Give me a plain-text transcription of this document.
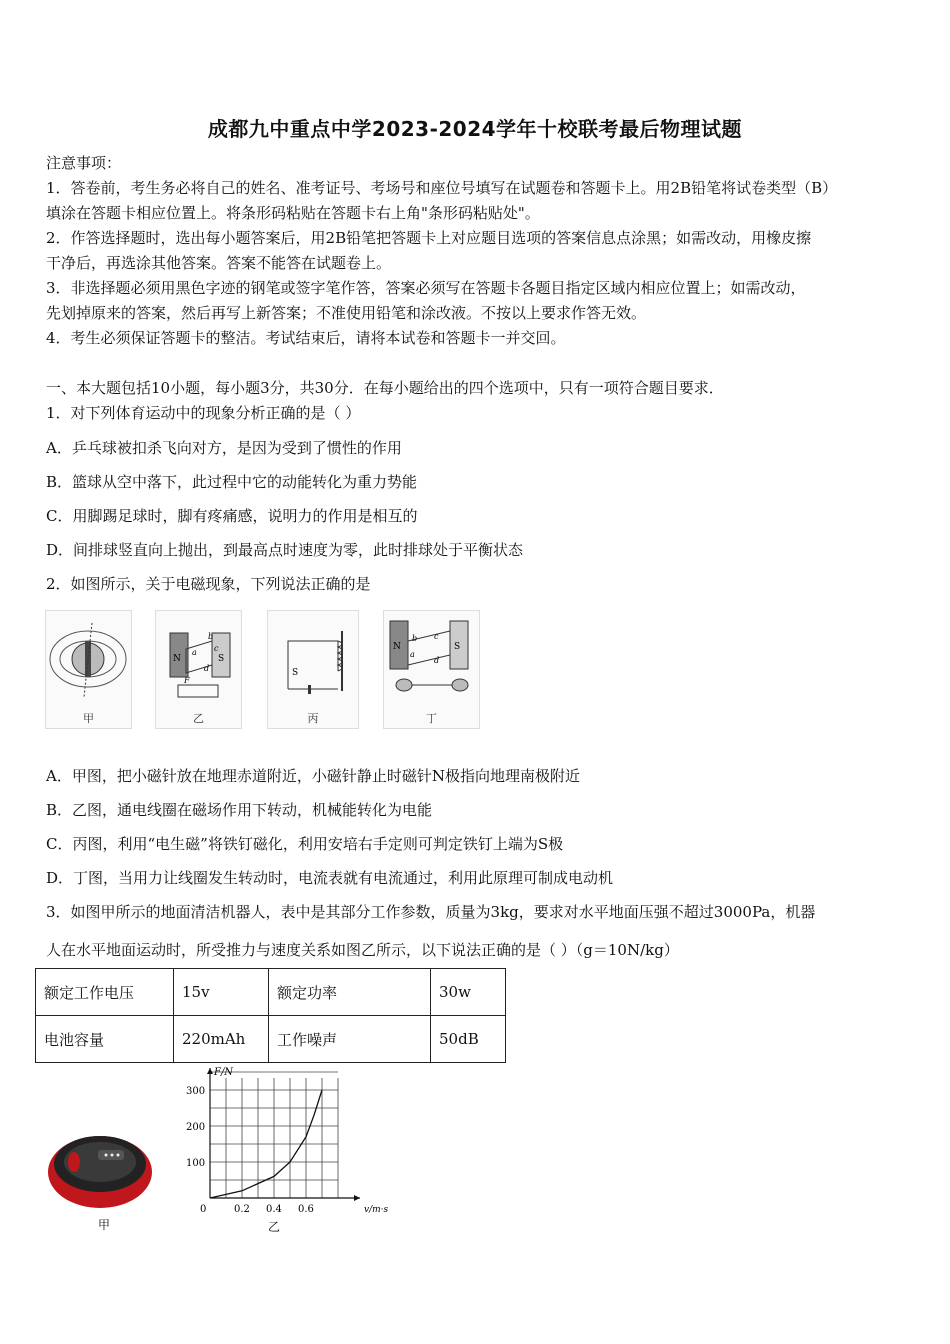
成都九中重点中学2023-2024学年十校联考最后物理试题
注意事项：
1．答卷前，考生务必将自己的姓名、准考证号、考场号和座位号填写在试题卷和答题卡上。用2B铅笔将试卷类型（B）
填涂在答题卡相应位置上。将条形码粘贴在答题卡右上角"条形码粘贴处"。
2．作答选择题时，选出每小题答案后，用2B铅笔把答题卡上对应题目选项的答案信息点涂黑；如需改动，用橡皮擦
干净后，再选涂其他答案。答案不能答在试题卷上。
3．非选择题必须用黑色字迹的钢笔或签字笔作答，答案必须写在答题卡各题目指定区域内相应位置上；如需改动，
先划掉原来的答案，然后再写上新答案；不准使用铅笔和涂改液。不按以上要求作答无效。
4．考生必须保证答题卡的整洁。考试结束后，请将本试卷和答题卡一并交回。
一、本大题包括10小题，每小题3分，共30分．在每小题给出的四个选项中，只有一项符合题目要求．
1．对下列体育运动中的现象分析正确的是（ ）
A．乒乓球被扣杀飞向对方，是因为受到了惯性的作用
B．篮球从空中落下，此过程中它的动能转化为重力势能
C．用脚踢足球时，脚有疼痛感，说明力的作用是相互的
D．间排球竖直向上抛出，到最高点时速度为零，此时排球处于平衡状态
2．如图所示，关于电磁现象，下列说法正确的是
甲
N	S
a
b
c
d
F
乙
S
丙
N	S
b
a
c
d
丁
A．甲图，把小磁针放在地理赤道附近，小磁针静止时磁针N极指向地理南极附近
B．乙图，通电线圈在磁场作用下转动，机械能转化为电能
C．丙图，利用“电生磁”将铁钉磁化，利用安培右手定则可判定铁钉上端为S极
D．丁图，当用力让线圈发生转动时，电流表就有电流通过，利用此原理可制成电动机
3．如图甲所示的地面清洁机器人，表中是其部分工作参数，质量为3kg，要求对水平地面压强不超过3000Pa，机器
人在水平地面运动时，所受推力与速度关系如图乙所示，以下说法正确的是（ ）（g＝10N/kg）
额定工作电压	15v	额定功率	30w
电池容量	220mAh	工作噪声	50dB
甲
F/N
v/m·s
0
100
200
300
0.2 0.4 0.6
乙
